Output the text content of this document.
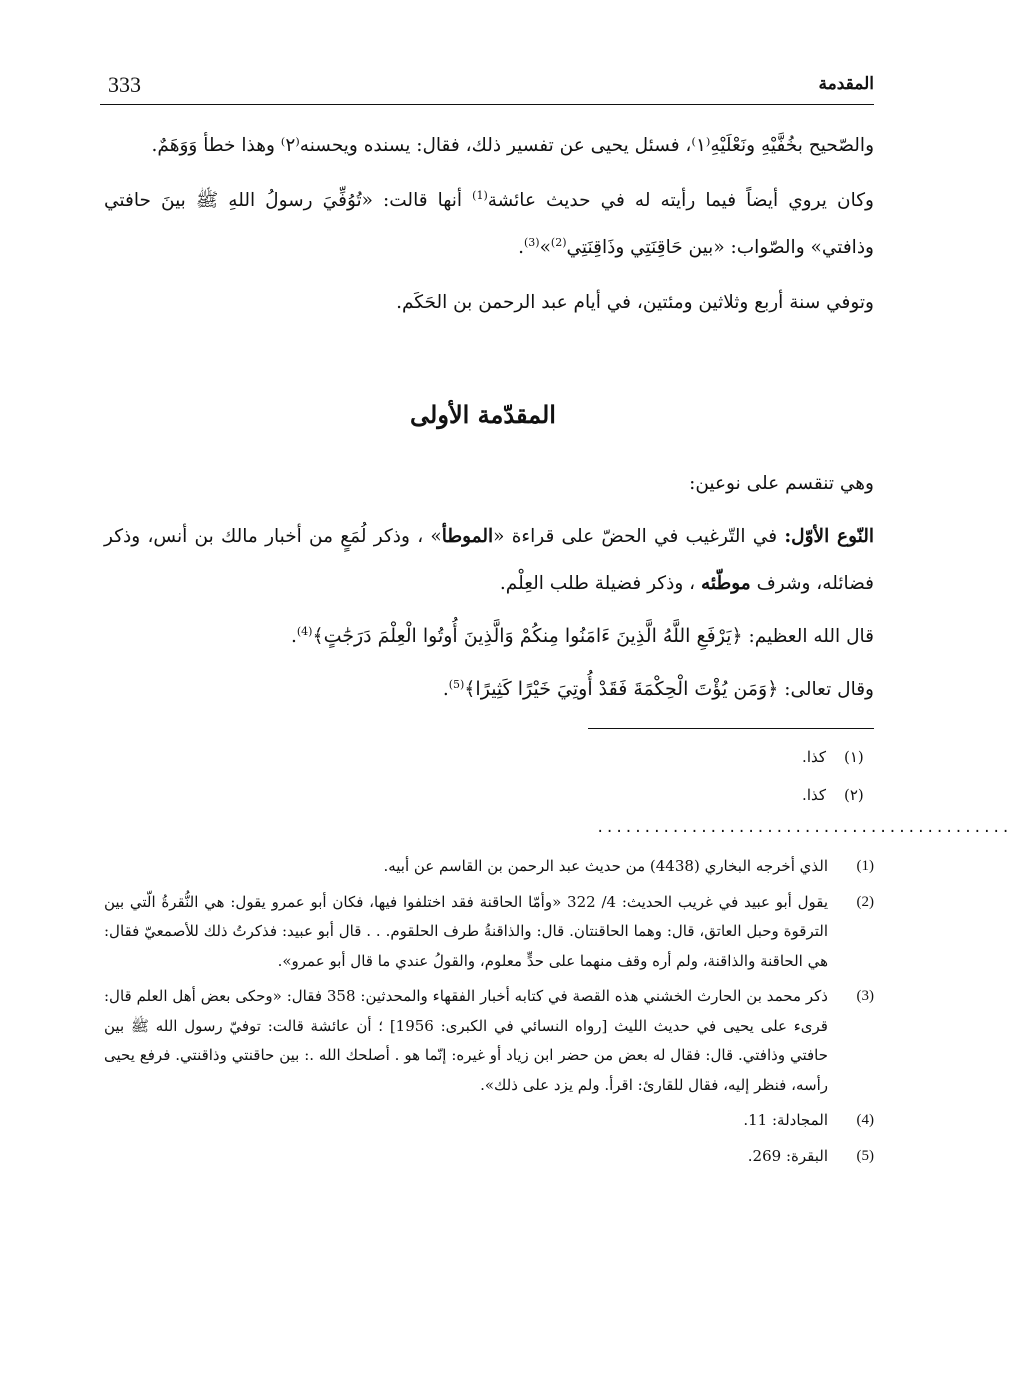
333	المقدمة

والصّحيح بخُفَّيْهِ ونَعْلَيْهِ⁽١⁾، فسئل يحيى عن تفسير ذلك، فقال: يسنده ويحسنه⁽٢⁾ وهذا خطأ وَوَهَمٌ.

وكان يروي أيضاً فيما رأيته له في حديث عائشة$^{(1)}$ أنها قالت: «تُوُفِّيَ رسولُ اللهِ ﷺ بينَ حافتي وذافتي» والصّواب: «بين حَاقِنَتِي وذَاقِنَتِي$^{(2)}$»$^{(3)}$.

وتوفي سنة أربع وثلاثين ومئتين، في أيام عبد الرحمن بن الحَكَم.

المقدّمة الأولى

وهي تنقسم على نوعين:

النّوع الأوّل: في التّرغيب في الحضّ على قراءة «الموطأ» ، وذكر لُمَعٍ من أخبار مالك بن أنس، وذكر فضائله، وشرف موطّئه ، وذكر فضيلة طلب العِلْم.

قال الله العظيم: ﴿يَرْفَعِ اللَّهُ الَّذِينَ ءَامَنُوا مِنكُمْ وَالَّذِينَ أُوتُوا الْعِلْمَ دَرَجَٰتٍ﴾$^{(4)}$.

وقال تعالى: ﴿وَمَن يُؤْتَ الْحِكْمَةَ فَقَدْ أُوتِيَ خَيْرًا كَثِيرًا﴾$^{(5)}$.

(١)
كذا.
(٢)
كذا.
............................................
(1)
الذي أخرجه البخاري (4438) من حديث عبد الرحمن بن القاسم عن أبيه.
(2)
يقول أبو عبيد في غريب الحديث: 4/ 322 «وأمّا الحاقنة فقد اختلفوا فيها، فكان أبو عمرو يقول: هي النُّقرةُ الّتي بين الترقوة وحبل العاتق، قال: وهما الحاقنتان. قال: والذاقنةُ طرف الحلقوم. . . قال أبو عبيد: فذكرتُ ذلك للأصمعيّ فقال: هي الحاقنة والذاقنة، ولم أره وقف منهما على حدٍّ معلوم، والقولُ عندي ما قال أبو عمرو».
(3)
ذكر محمد بن الحارث الخشني هذه القصة في كتابه أخبار الفقهاء والمحدثين: 358 فقال: «وحكى بعض أهل العلم قال: قرىء على يحيى في حديث الليث [رواه النسائي في الكبرى: 1956] ؛ أن عائشة قالت: توفيّ رسول الله ﷺ بين حافتي وذافتي. قال: فقال له بعض من حضر ابن زياد أو غيره: إنّما هو . أصلحك الله .: بين حاقنتي وذاقنتي. فرفع يحيى رأسه، فنظر إليه، فقال للقارئ: اقرأ. ولم يزد على ذلك».
(4)
المجادلة: 11.
(5)
البقرة: 269.
